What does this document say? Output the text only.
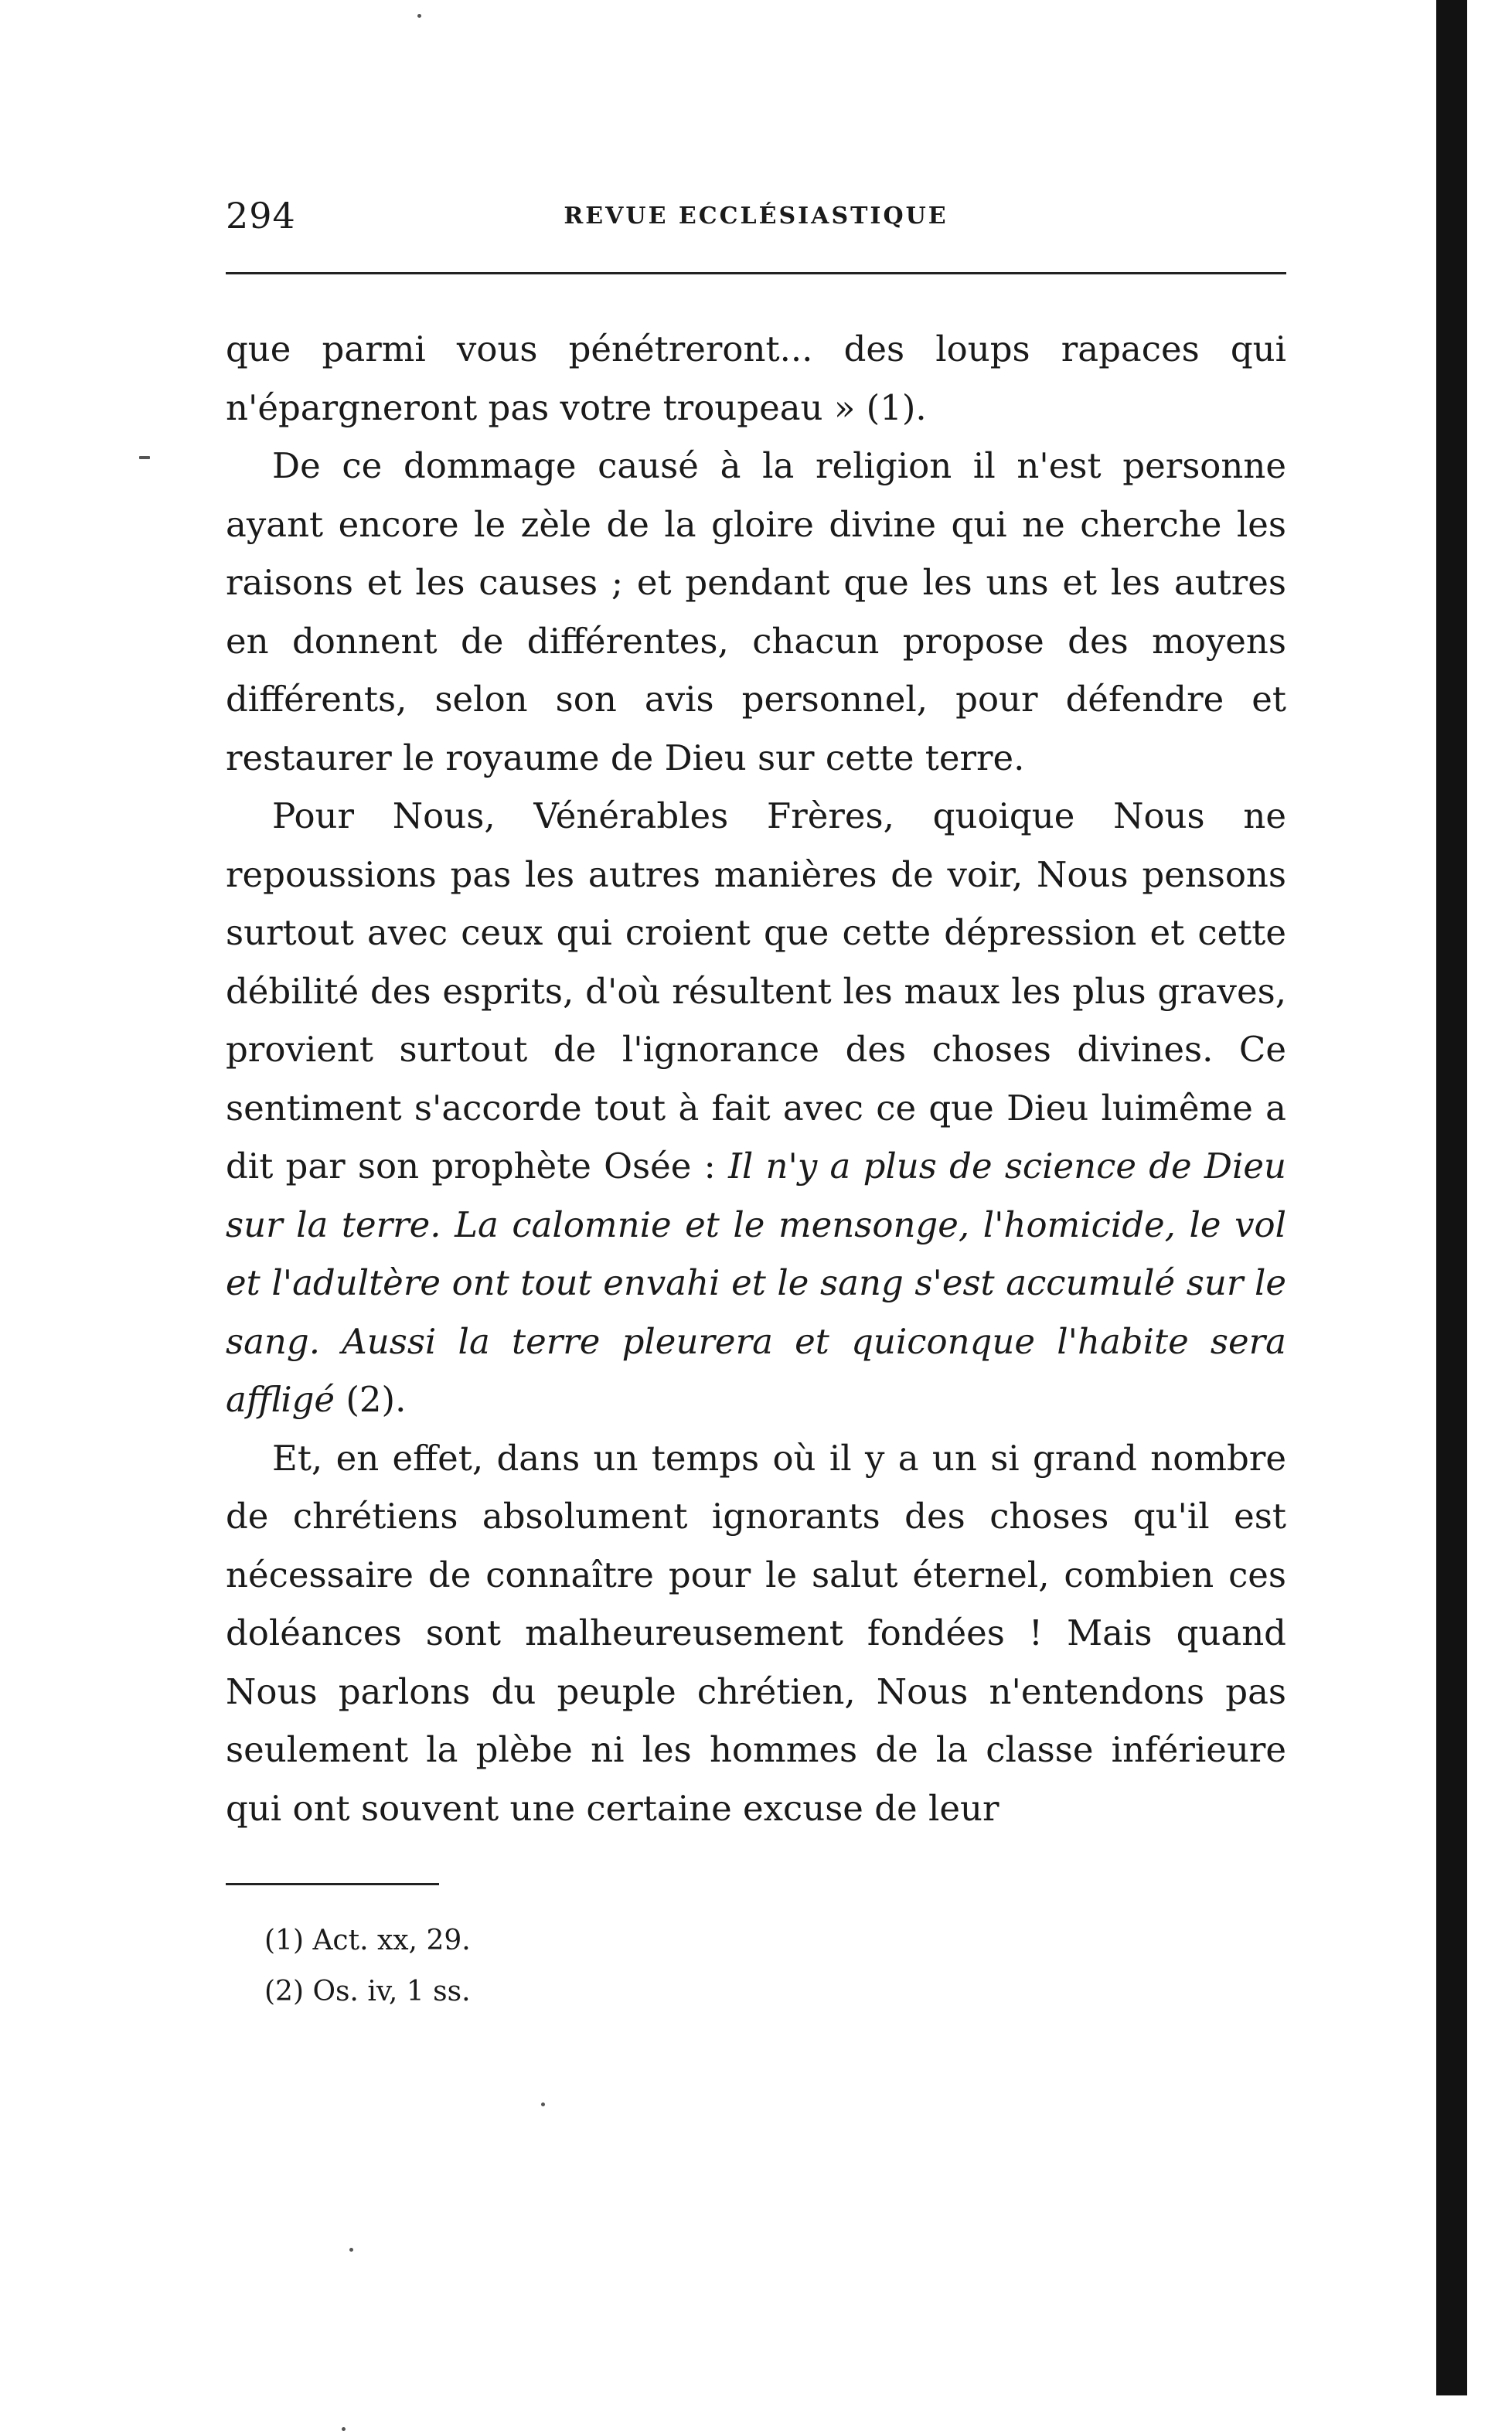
294	REVUE ECCLÉSIASTIQUE

que parmi vous pénétreront... des loups rapaces qui n'épargneront pas votre troupeau » (1).

De ce dommage causé à la religion il n'est personne ayant encore le zèle de la gloire divine qui ne cherche les raisons et les causes ; et pendant que les uns et les autres en donnent de différentes, chacun propose des moyens différents, selon son avis personnel, pour défendre et restaurer le royaume de Dieu sur cette terre.

Pour Nous, Vénérables Frères, quoique Nous ne repoussions pas les autres manières de voir, Nous pensons surtout avec ceux qui croient que cette dépression et cette débilité des esprits, d'où résultent les maux les plus graves, provient surtout de l'ignorance des choses divines. Ce sentiment s'accorde tout à fait avec ce que Dieu luimême a dit par son prophète Osée : Il n'y a plus de science de Dieu sur la terre. La calomnie et le mensonge, l'homicide, le vol et l'adultère ont tout envahi et le sang s'est accumulé sur le sang. Aussi la terre pleurera et quiconque l'habite sera affligé (2).

Et, en effet, dans un temps où il y a un si grand nombre de chrétiens absolument ignorants des choses qu'il est nécessaire de connaître pour le salut éternel, combien ces doléances sont malheureusement fondées ! Mais quand Nous parlons du peuple chrétien, Nous n'entendons pas seulement la plèbe ni les hommes de la classe inférieure qui ont souvent une certaine excuse de leur

(1) Act. xx, 29.
(2) Os. iv, 1 ss.
